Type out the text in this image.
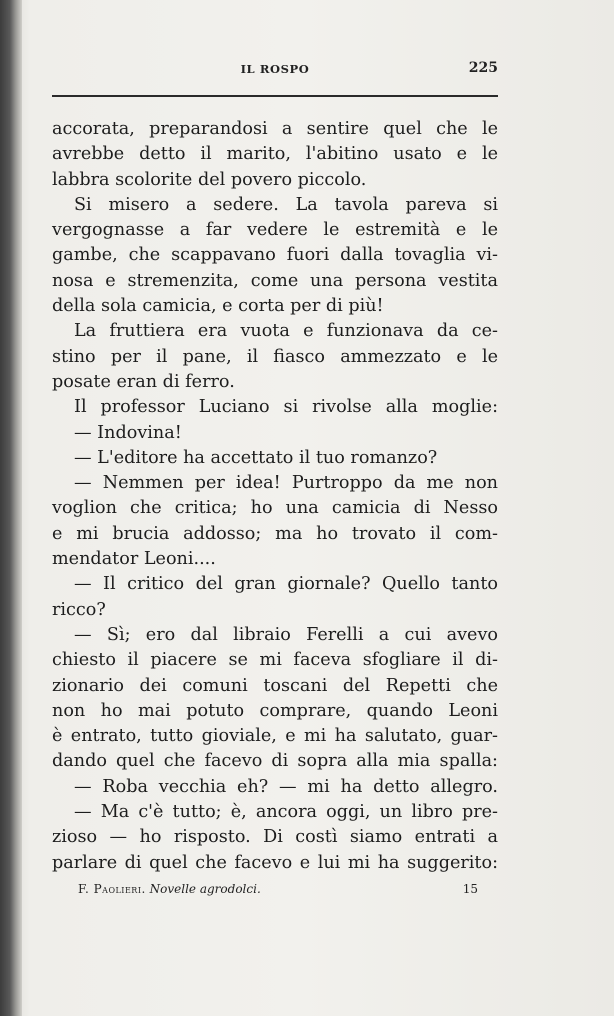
IL ROSPO	225
accorata, preparandosi a sentire quel che le
avrebbe detto il marito, l'abitino usato e le
labbra scolorite del povero piccolo.
Si misero a sedere. La tavola pareva si
vergognasse a far vedere le estremità e le
gambe, che scappavano fuori dalla tovaglia vi-
nosa e stremenzita, come una persona vestita
della sola camicia, e corta per di più!
La fruttiera era vuota e funzionava da ce-
stino per il pane, il fiasco ammezzato e le
posate eran di ferro.
Il professor Luciano si rivolse alla moglie:
— Indovina!
— L'editore ha accettato il tuo romanzo?
— Nemmen per idea! Purtroppo da me non
voglion che critica; ho una camicia di Nesso
e mi brucia addosso; ma ho trovato il com-
mendator Leoni....
— Il critico del gran giornale? Quello tanto
ricco?
— Sì; ero dal libraio Ferelli a cui avevo
chiesto il piacere se mi faceva sfogliare il di-
zionario dei comuni toscani del Repetti che
non ho mai potuto comprare, quando Leoni
è entrato, tutto gioviale, e mi ha salutato, guar-
dando quel che facevo di sopra alla mia spalla:
— Roba vecchia eh? — mi ha detto allegro.
— Ma c'è tutto; è, ancora oggi, un libro pre-
zioso — ho risposto. Di costì siamo entrati a
parlare di quel che facevo e lui mi ha suggerito:
F. Paolieri. Novelle agrodolci.	15
